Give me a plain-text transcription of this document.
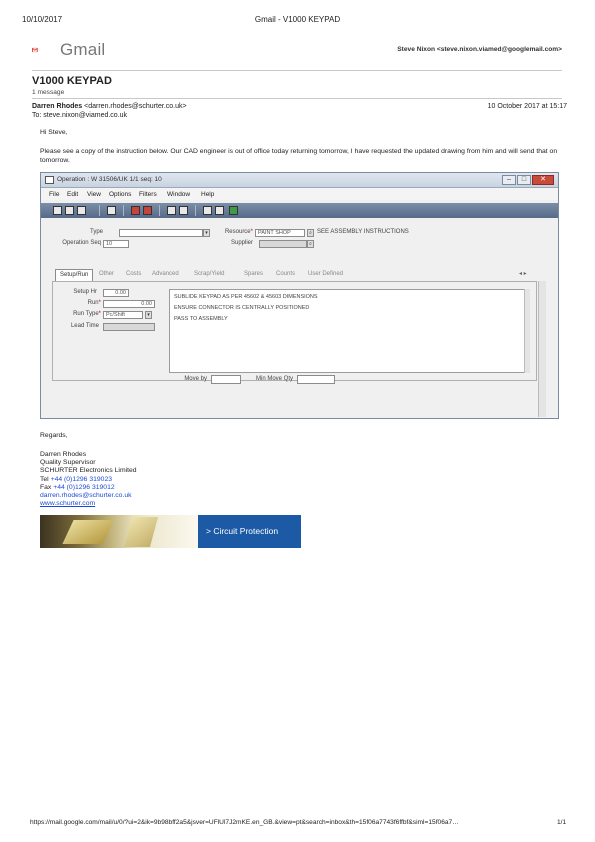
10/10/2017	Gmail - V1000 KEYPAD
Gmail	Steve Nixon <steve.nixon.viamed@googlemail.com>
V1000 KEYPAD
1 message
Darren Rhodes <darren.rhodes@schurter.co.uk>	10 October 2017 at 15:17
To: steve.nixon@viamed.co.uk
Hi Steve,
Please see a copy of the instruction below. Our CAD engineer is out of office today returning tomorrow, I have requested the updated drawing from him and will send that on tomorrow.
Operation : W 31506/UK 1/1 seq: 10	–	□	✕
File Edit View Options Filters Window Help
Type	▾
Operation Seq 10
Resource* PAINT SHOP	⌕ SEE ASSEMBLY INSTRUCTIONS
Supplier	⌕
Setup/Run	Other	Costs	Advanced	Scrap/Yield	Spares	Counts	User Defined	◂ ▸
Setup Hr	0.00
Run*	0.00
Run Type* Pc/Shift	▾
Lead Time
SUBLIDE KEYPAD AS PER 45602 & 45603 DIMENSIONS
ENSURE CONNECTOR IS CENTRALLY POSITIONED
PASS TO ASSEMBLY
Move by	Min Move Qty
Regards,
Darren Rhodes
Quality Supervisor
SCHURTER Electronics Limited
Tel +44 (0)1296 319023
Fax +44 (0)1296 319012
darren.rhodes@schurter.co.uk
www.schurter.com
> Circuit Protection
https://mail.google.com/mail/u/0/?ui=2&ik=9b98bff2a5&jsver=UFlUl7J2mKE.en_GB.&view=pt&search=inbox&th=15f06a7743f6ffbf&siml=15f06a7…	1/1
